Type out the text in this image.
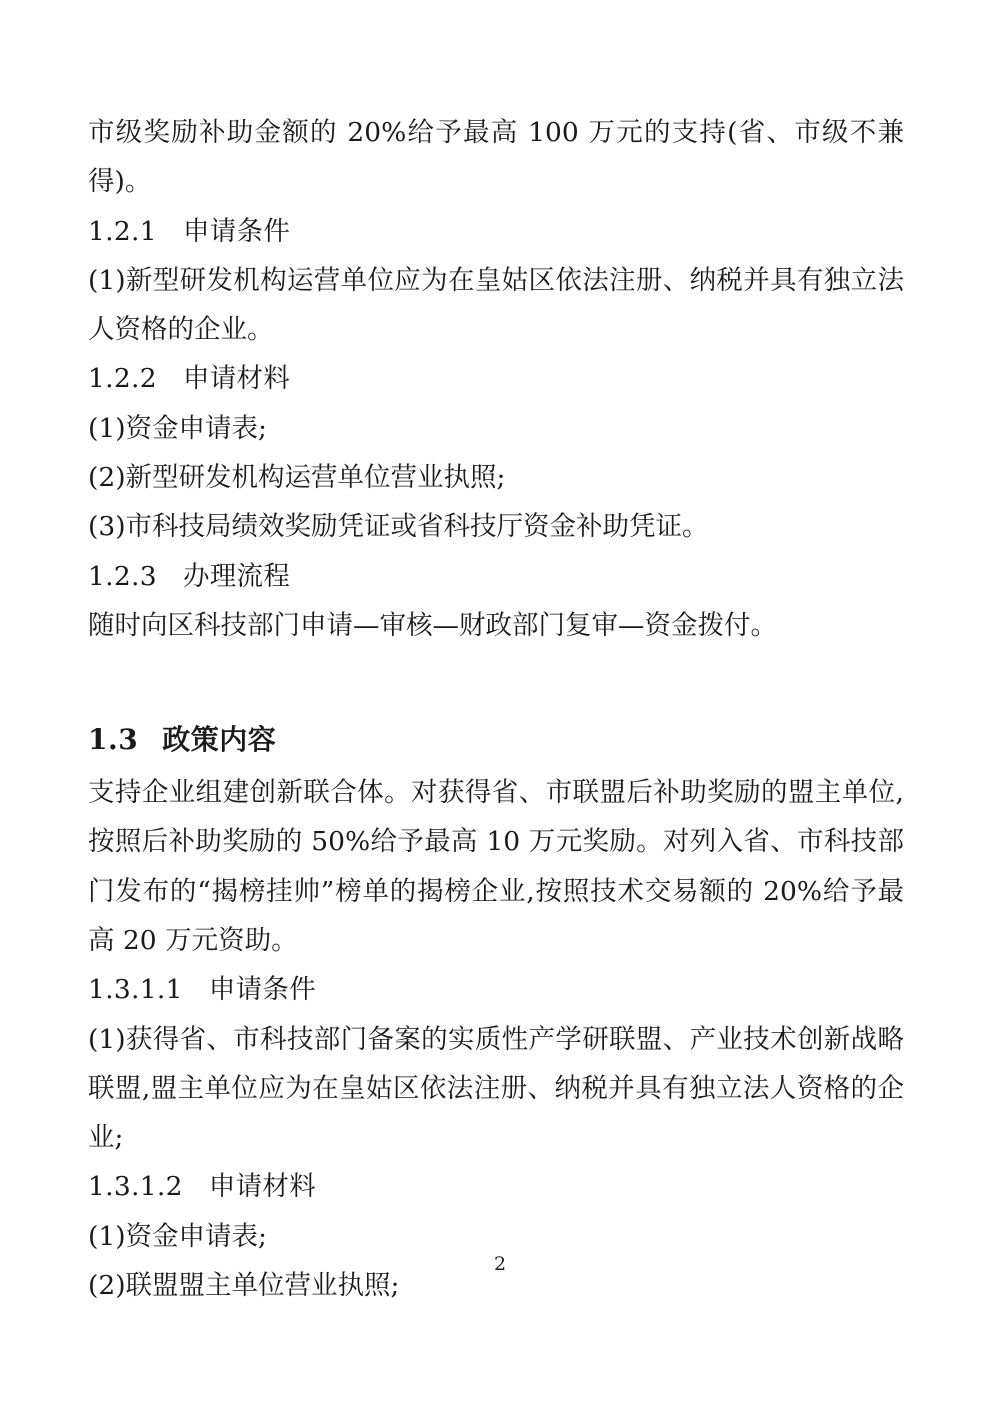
市级奖励补助金额的 20%给予最高 100 万元的支持(省、市级不兼得)。

1.2.1 申请条件

(1)新型研发机构运营单位应为在皇姑区依法注册、纳税并具有独立法人资格的企业。

1.2.2 申请材料

(1)资金申请表;

(2)新型研发机构运营单位营业执照;

(3)市科技局绩效奖励凭证或省科技厅资金补助凭证。

1.2.3 办理流程

随时向区科技部门申请—审核—财政部门复审—资金拨付。

1.3 政策内容

支持企业组建创新联合体。对获得省、市联盟后补助奖励的盟主单位,按照后补助奖励的 50%给予最高 10 万元奖励。对列入省、市科技部门发布的“揭榜挂帅”榜单的揭榜企业,按照技术交易额的 20%给予最高 20 万元资助。

1.3.1.1 申请条件

(1)获得省、市科技部门备案的实质性产学研联盟、产业技术创新战略联盟,盟主单位应为在皇姑区依法注册、纳税并具有独立法人资格的企业;

1.3.1.2 申请材料

(1)资金申请表;

(2)联盟盟主单位营业执照;

2
